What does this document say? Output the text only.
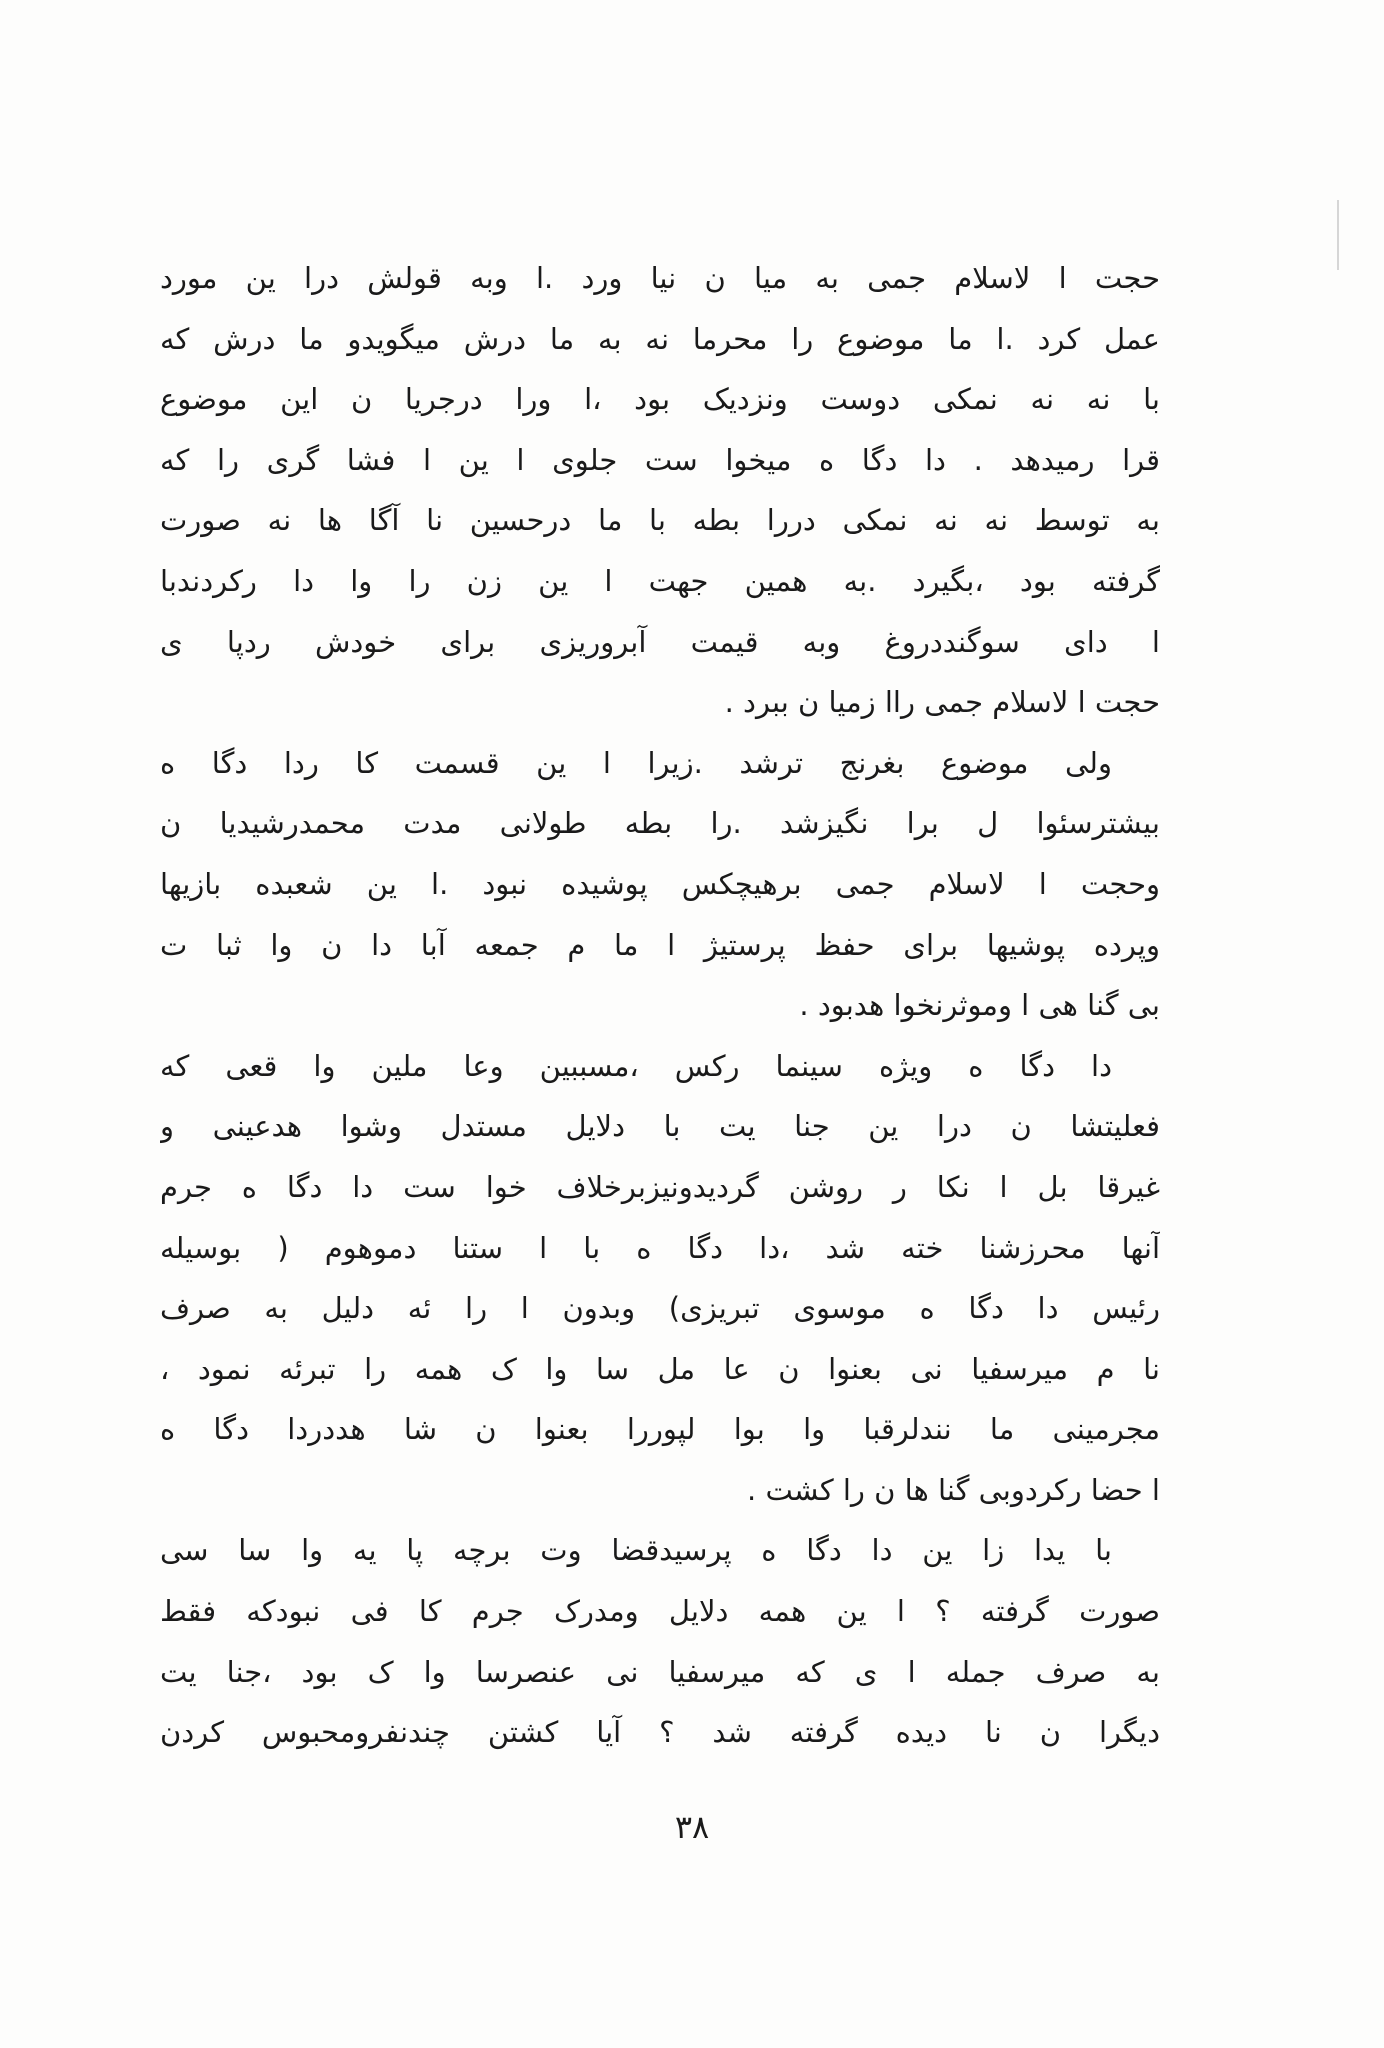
حجت ا لاسلام جمی به میا ن نیا ورد .ا وبه قولش درا ین مورد
عمل کرد .ا ما موضوع را محرما نه به ما درش میگویدو ما درش که
با نه نه نمکی دوست ونزدیک بود ،ا ورا درجریا ن این موضوع
قرا رمیدهد . دا دگا ه میخوا ست جلوی ا ین ا فشا گری را که
به توسط نه نه نمکی دررا بطه با ما درحسین نا آگا ها نه صورت
گرفته بود ،بگیرد .به همین جهت ا ین زن را وا دا رکردندبا
ا دای سوگنددروغ وبه قیمت آبروریزی برای خودش ردپا ی
حجت ا لاسلام جمی راا زمیا ن ببرد .
ولی موضوع بغرنج ترشد .زیرا ا ین قسمت کا ردا دگا ه
بیشترسئوا ل برا نگیزشد .را بطه طولانی مدت محمدرشیدیا ن
وحجت ا لاسلام جمی برهیچکس پوشیده نبود .ا ین شعبده بازیها
وپرده پوشیها برای حفظ پرستیژ ا ما م جمعه آبا دا ن وا ثبا ت
بی گنا هی ا وموثرنخوا هدبود .
دا دگا ه ویژه سینما رکس ،مسببین وعا ملین وا قعی که
فعلیتشا ن درا ین جنا یت با دلایل مستدل وشوا هدعینی و
غیرقا بل ا نکا ر روشن گردیدونیزبرخلاف خوا ست دا دگا ه جرم
آنها محرزشنا خته شد ،دا دگا ه با ا ستنا دموهوم ( بوسیله
رئیس دا دگا ه موسوی تبریزی) وبدون ا را ئه دلیل به صرف
نا م میرسفیا نی بعنوا ن عا مل سا وا ک همه را تبرئه نمود ،
مجرمینی ما نندلرقبا وا بوا لپوررا بعنوا ن شا هددردا دگا ه
ا حضا رکردوبی گنا ها ن را کشت .
با یدا زا ین دا دگا ه پرسیدقضا وت برچه پا یه وا سا سی
صورت گرفته ؟ ا ین همه دلایل ومدرک جرم کا فی نبودکه فقط
به صرف جمله ا ی که میرسفیا نی عنصرسا وا ک بود ،جنا یت
دیگرا ن نا دیده گرفته شد ؟ آیا کشتن چندنفرومحبوس کردن
۳۸
